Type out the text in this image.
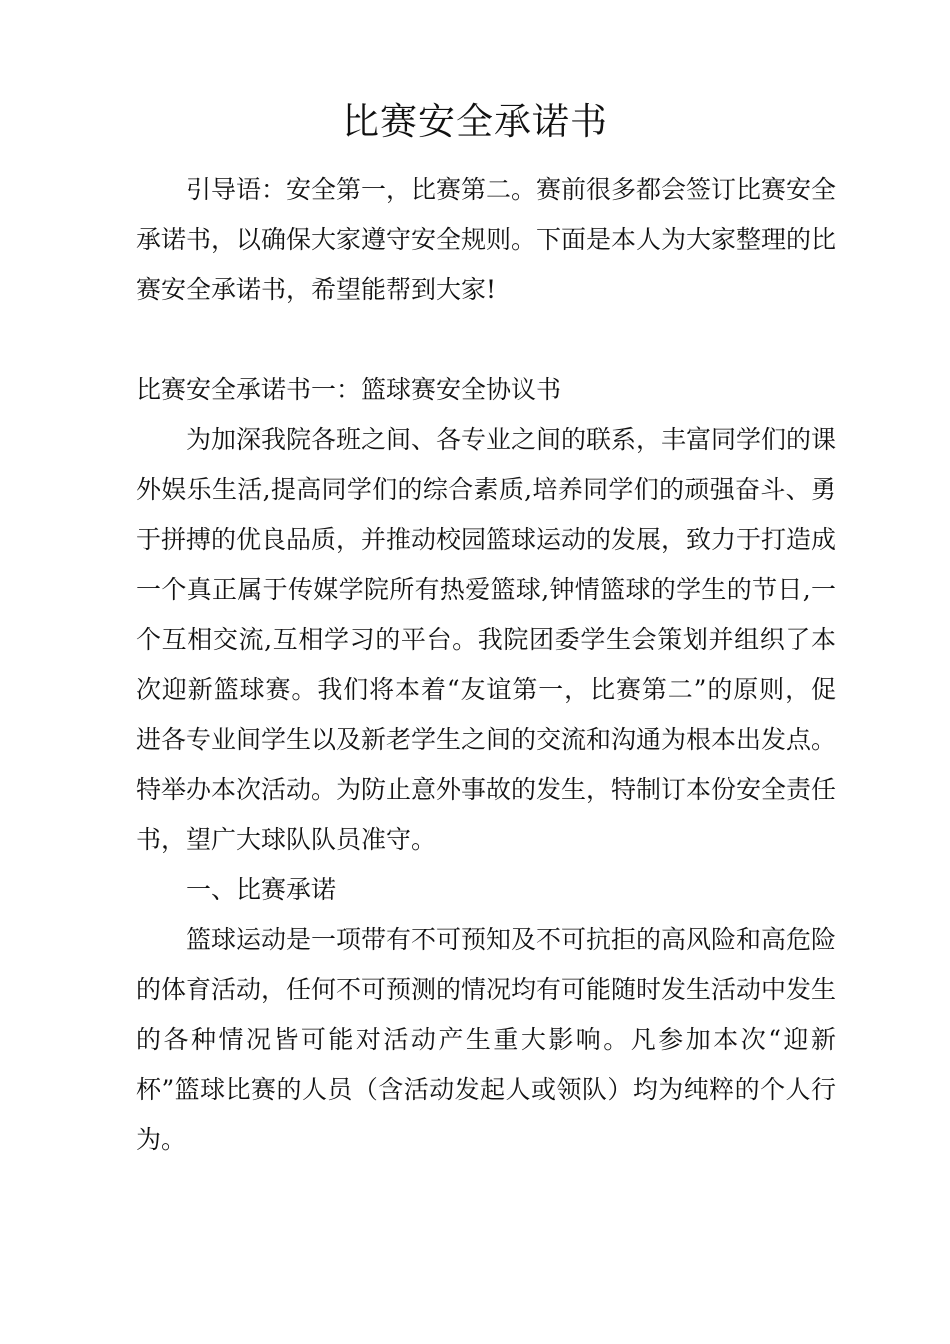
比赛安全承诺书
引导语：安全第一，比赛第二。赛前很多都会签订比赛安全承诺书，以确保大家遵守安全规则。下面是本人为大家整理的比赛安全承诺书，希望能帮到大家!
比赛安全承诺书一：篮球赛安全协议书
为加深我院各班之间、各专业之间的联系，丰富同学们的课外娱乐生活,提高同学们的综合素质,培养同学们的顽强奋斗、勇于拼搏的优良品质，并推动校园篮球运动的发展，致力于打造成一个真正属于传媒学院所有热爱篮球,钟情篮球的学生的节日,一个互相交流,互相学习的平台。我院团委学生会策划并组织了本次迎新篮球赛。我们将本着“友谊第一，比赛第二”的原则，促进各专业间学生以及新老学生之间的交流和沟通为根本出发点。特举办本次活动。为防止意外事故的发生，特制订本份安全责任书，望广大球队队员准守。
一、比赛承诺
篮球运动是一项带有不可预知及不可抗拒的高风险和高危险的体育活动，任何不可预测的情况均有可能随时发生活动中发生的各种情况皆可能对活动产生重大影响。凡参加本次“迎新杯”篮球比赛的人员（含活动发起人或领队）均为纯粹的个人行为。
